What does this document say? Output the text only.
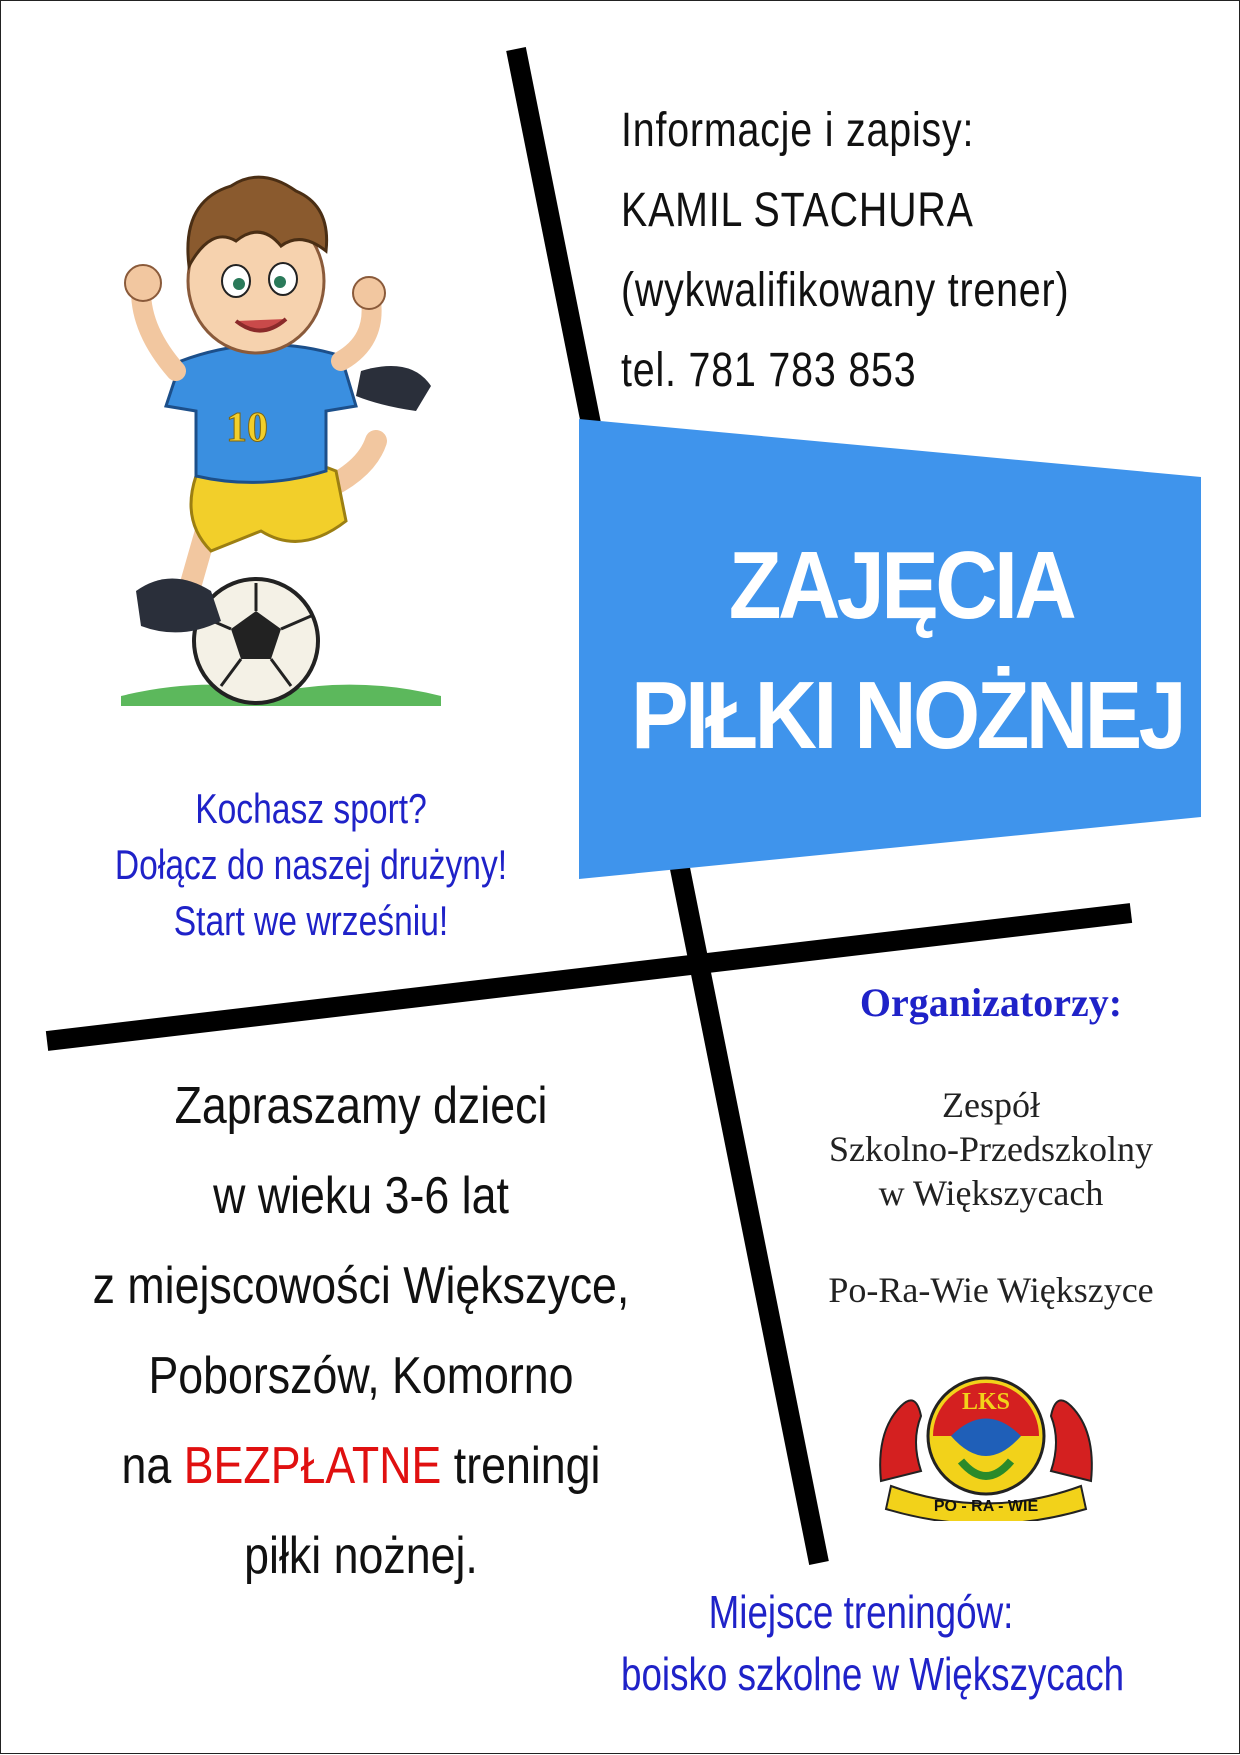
Informacje i zapisy:
KAMIL STACHURA
(wykwalifikowany trener)
tel. 781 783 853
ZAJĘCIA
PIŁKI NOŻNEJ
10
Kochasz sport?
Dołącz do naszej drużyny!
Start we wrześniu!
Zapraszamy dzieci
w wieku 3-6 lat
z miejscowości Większyce,
Poborszów, Komorno
na BEZPŁATNE treningi
piłki nożnej.
Organizatorzy:
Zespół
Szkolno-Przedszkolny
w Większycach
Po-Ra-Wie Większyce
LKS
PO - RA - WIE
Miejsce treningów:
boisko szkolne w Większycach
